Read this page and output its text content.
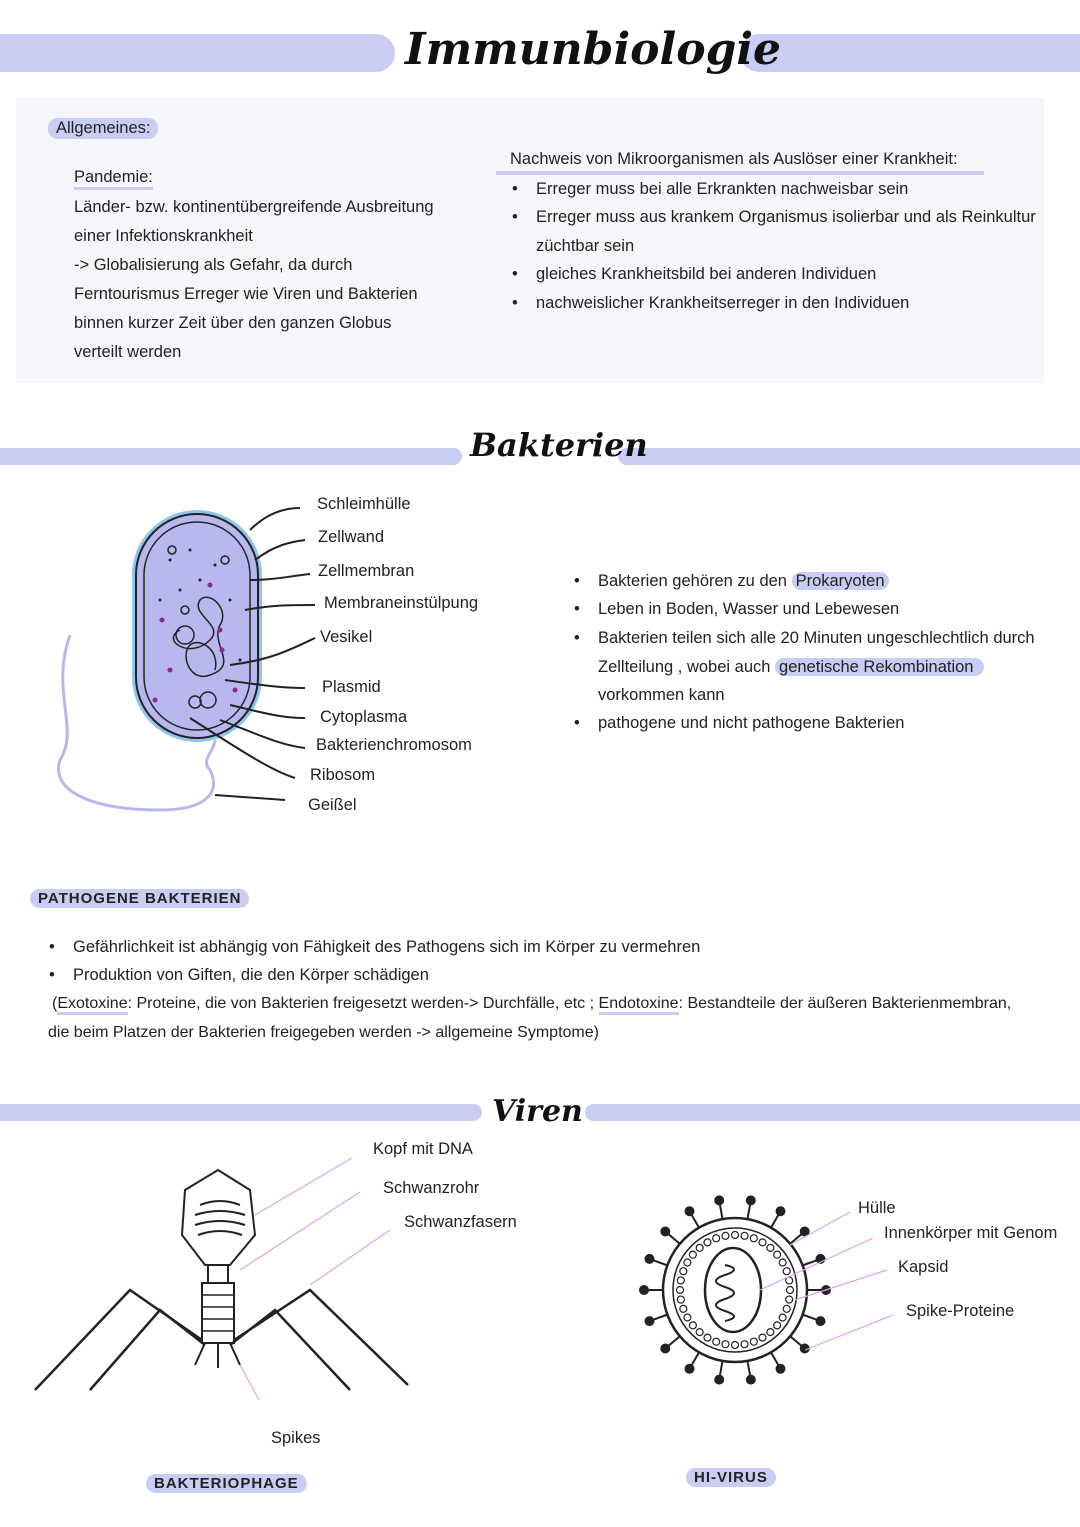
Immunbiologie
Allgemeines:
Pandemie:
Länder- bzw. kontinentübergreifende Ausbreitung
einer Infektionskrankheit
-> Globalisierung als Gefahr, da durch
Ferntourismus Erreger wie Viren und Bakterien
binnen kurzer Zeit über den ganzen Globus
verteilt werden
Nachweis von Mikroorganismen als Auslöser einer Krankheit:
• Erreger muss bei alle Erkrankten nachweisbar sein
• Erreger muss aus krankem Organismus isolierbar und als Reinkultur
züchtbar sein
• gleiches Krankheitsbild bei anderen Individuen
• nachweislicher Krankheitserreger in den Individuen
Bakterien
Schleimhülle
Zellwand
Zellmembran
Membraneinstülpung
Vesikel
Plasmid
Cytoplasma
Bakterienchromosom
Ribosom
Geißel
• Bakterien gehören zu den Prokaryoten
• Leben in Boden, Wasser und Lebewesen
• Bakterien teilen sich alle 20 Minuten ungeschlechtlich durch
Zellteilung , wobei auch genetische Rekombination
vorkommen kann
• pathogene und nicht pathogene Bakterien
PATHOGENE BAKTERIEN
• Gefährlichkeit ist abhängig von Fähigkeit des Pathogens sich im Körper zu vermehren
• Produktion von Giften, die den Körper schädigen
(Exotoxine: Proteine, die von Bakterien freigesetzt werden-> Durchfälle, etc ; Endotoxine: Bestandteile der äußeren Bakterienmembran,
die beim Platzen der Bakterien freigegeben werden -> allgemeine Symptome)
Viren
Kopf mit DNA
Schwanzrohr
Schwanzfasern
Spikes
BAKTERIOPHAGE
Hülle
Innenkörper mit Genom
Kapsid
Spike-Proteine
HI-VIRUS
